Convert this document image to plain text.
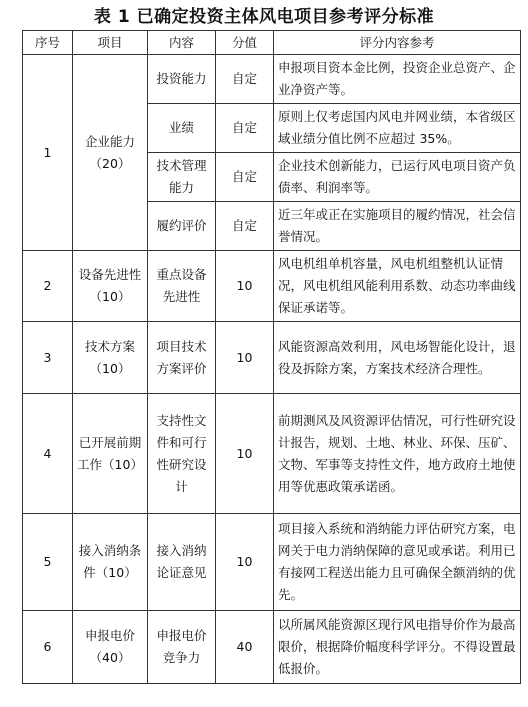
表 1 已确定投资主体风电项目参考评分标准
序号	项目	内容	分值	评分内容参考
1	企业能力（20）	投资能力	自定	申报项目资本金比例，投资企业总资产、企业净资产等。
		业绩	自定	原则上仅考虑国内风电并网业绩，本省级区域业绩分值比例不应超过 35%。
		技术管理能力	自定	企业技术创新能力，已运行风电项目资产负债率、利润率等。
		履约评价	自定	近三年或正在实施项目的履约情况，社会信誉情况。
2	设备先进性（10）	重点设备先进性	10	风电机组单机容量，风电机组整机认证情况，风电机组风能利用系数、动态功率曲线保证承诺等。
3	技术方案（10）	项目技术方案评价	10	风能资源高效利用，风电场智能化设计，退役及拆除方案，方案技术经济合理性。
4	已开展前期工作（10）	支持性文件和可行性研究设计	10	前期测风及风资源评估情况，可行性研究设计报告，规划、土地、林业、环保、压矿、文物、军事等支持性文件，地方政府土地使用等优惠政策承诺函。
5	接入消纳条件（10）	接入消纳论证意见	10	项目接入系统和消纳能力评估研究方案，电网关于电力消纳保障的意见或承诺。利用已有接网工程送出能力且可确保全额消纳的优先。
6	申报电价（40）	申报电价竞争力	40	以所属风能资源区现行风电指导价作为最高限价，根据降价幅度科学评分。不得设置最低报价。
